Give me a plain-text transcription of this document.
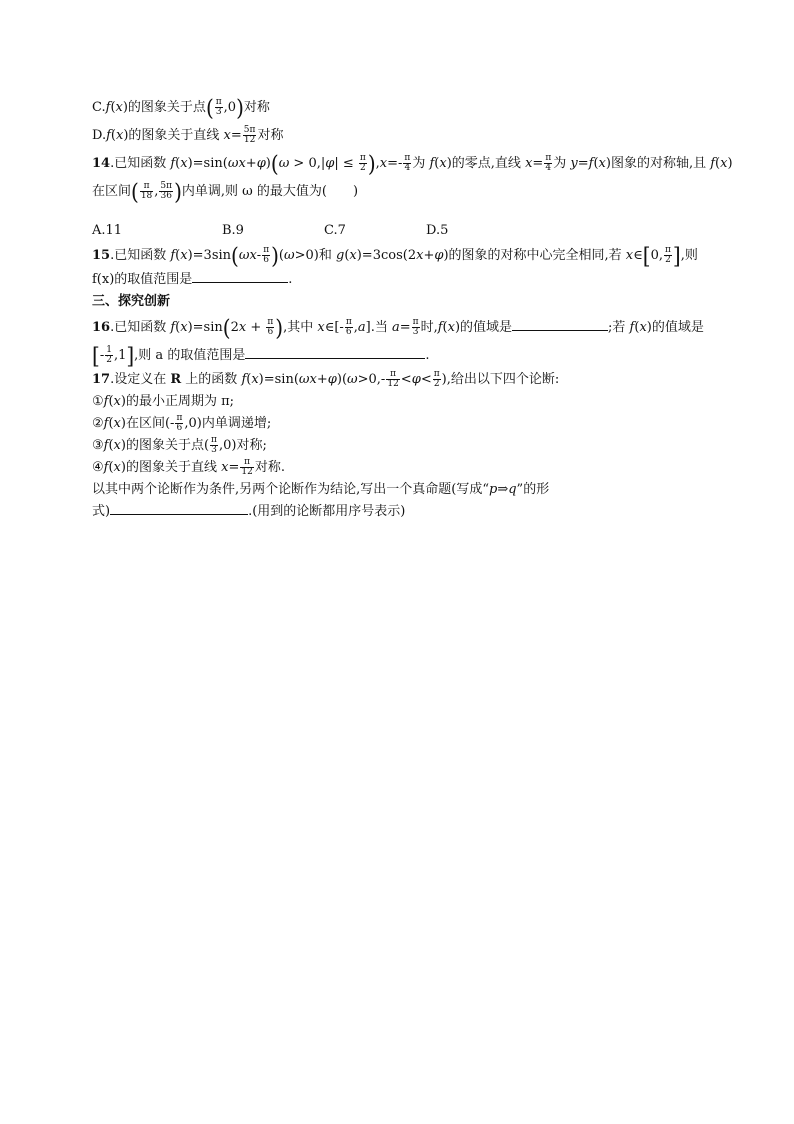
C.f(x)的图象关于点( $\frac{\pi}{3} ,0$)对称
D.f(x)的图象关于直线 $x= \frac{5\pi}{12}$ 对称
14.已知函数 $f(x)=\sin(\omega x+\varphi)(\omega > 0,|\varphi| \le \frac{\pi}{2} ),x=- \frac{\pi}{4}$ 为 f(x)的零点,直线 $x= \frac{\pi}{4}$ 为 y=f(x)图象的对称轴,且 f(x)
在区间( $\frac{\pi}{18}$ , $\frac{5\pi}{36}$ )内单调,则 ω 的最大值为(　　)
A.11	B.9	C.7	D.5
15.已知函数 $f(x)=3\sin(\omega x- \frac{\pi}{6} )(\omega>0)$和 g(x)=3cos(2x+φ)的图象的对称中心完全相同,若 x∈[0, $\frac{\pi}{2}$ ],则
f(x)的取值范围是	.
三、探究创新
16.已知函数 $f(x)=\sin(2x + \frac{\pi}{6}$ ),其中 x∈[- $\frac{\pi}{6} ,a$].当 $a= \frac{\pi}{3}$ 时,f(x)的值域是	;若 f(x)的值域是
[- $\frac{1}{2} ,1$],则 a 的取值范围是	.
17.设定义在 R 上的函数 $f(x)=\sin(\omega x+\varphi)(\omega>0,- \frac{\pi}{12} <\varphi< \frac{\pi}{2}$ ),给出以下四个论断:
①f(x)的最小正周期为 π;
②f(x)在区间(- $\frac{\pi}{6} ,0$)内单调递增;
③f(x)的图象关于点( $\frac{\pi}{3} ,0$)对称;
④f(x)的图象关于直线 $x= \frac{\pi}{12}$ 对称.
以其中两个论断作为条件,另两个论断作为结论,写出一个真命题(写成“p⇒q”的形
式)	.(用到的论断都用序号表示)
